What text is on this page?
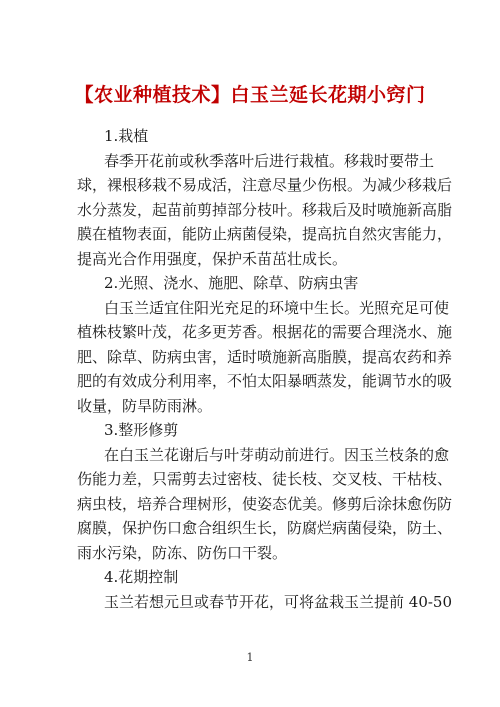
【农业种植技术】白玉兰延长花期小窍门
1.栽植
春季开花前或秋季落叶后进行栽植。移栽时要带土
球，裸根移栽不易成活，注意尽量少伤根。为减少移栽后
水分蒸发，起苗前剪掉部分枝叶。移栽后及时喷施新高脂
膜在植物表面，能防止病菌侵染，提高抗自然灾害能力，
提高光合作用强度，保护禾苗茁壮成长。
2.光照、浇水、施肥、除草、防病虫害
白玉兰适宜住阳光充足的环境中生长。光照充足可使
植株枝繁叶茂，花多更芳香。根据花的需要合理浇水、施
肥、除草、防病虫害，适时喷施新高脂膜，提高农药和养
肥的有效成分利用率，不怕太阳暴晒蒸发，能调节水的吸
收量，防旱防雨淋。
3.整形修剪
在白玉兰花谢后与叶芽萌动前进行。因玉兰枝条的愈
伤能力差，只需剪去过密枝、徒长枝、交叉枝、干枯枝、
病虫枝，培养合理树形，使姿态优美。修剪后涂抹愈伤防
腐膜，保护伤口愈合组织生长，防腐烂病菌侵染，防土、
雨水污染，防冻、防伤口干裂。
4.花期控制
玉兰若想元旦或春节开花，可将盆栽玉兰提前 40-50
1
